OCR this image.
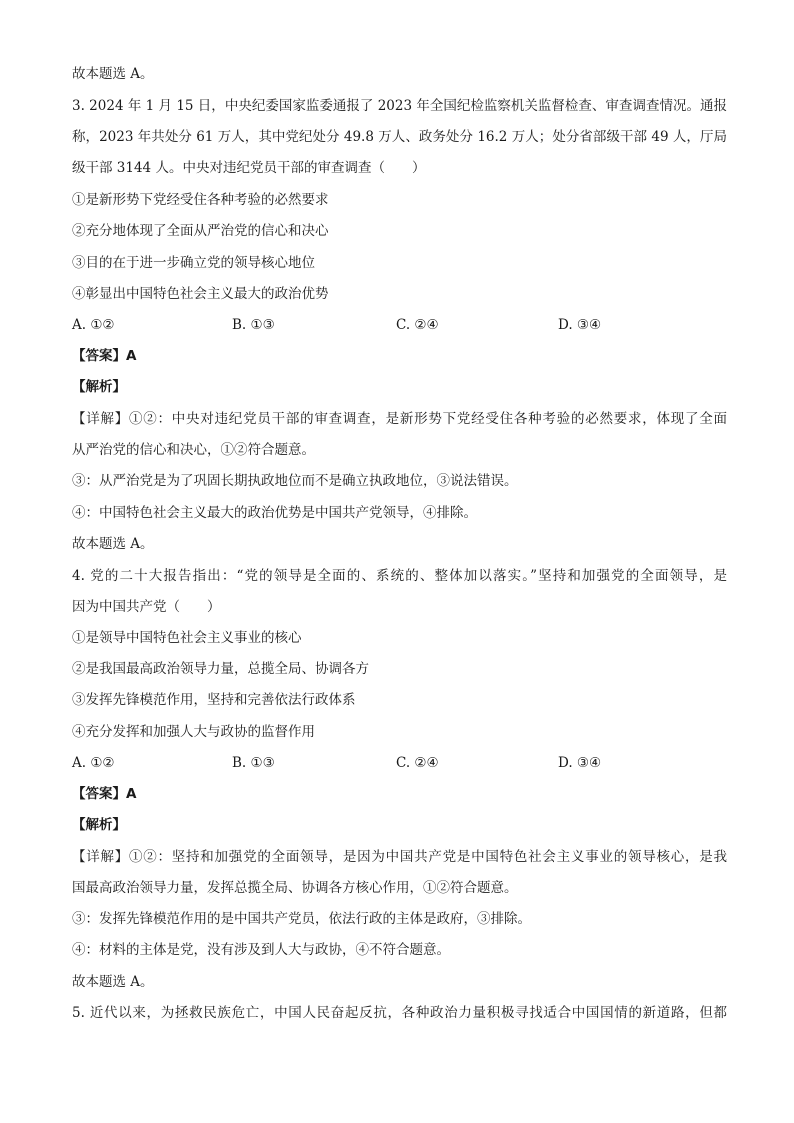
故本题选 A。
3. 2024 年 1 月 15 日，中央纪委国家监委通报了 2023 年全国纪检监察机关监督检查、审查调查情况。通报
称，2023 年共处分 61 万人，其中党纪处分 49.8 万人、政务处分 16.2 万人；处分省部级干部 49 人，厅局
级干部 3144 人。中央对违纪党员干部的审查调查（　　）
①是新形势下党经受住各种考验的必然要求
②充分地体现了全面从严治党的信心和决心
③目的在于进一步确立党的领导核心地位
④彰显出中国特色社会主义最大的政治优势
A. ①②	B. ①③	C. ②④	D. ③④
【答案】A
【解析】
【详解】①②：中央对违纪党员干部的审查调查，是新形势下党经受住各种考验的必然要求，体现了全面
从严治党的信心和决心，①②符合题意。
③：从严治党是为了巩固长期执政地位而不是确立执政地位，③说法错误。
④：中国特色社会主义最大的政治优势是中国共产党领导，④排除。
故本题选 A。
4. 党的二十大报告指出：“党的领导是全面的、系统的、整体加以落实。”坚持和加强党的全面领导，是
因为中国共产党（　　）
①是领导中国特色社会主义事业的核心
②是我国最高政治领导力量，总揽全局、协调各方
③发挥先锋模范作用，坚持和完善依法行政体系
④充分发挥和加强人大与政协的监督作用
A. ①②	B. ①③	C. ②④	D. ③④
【答案】A
【解析】
【详解】①②：坚持和加强党的全面领导，是因为中国共产党是中国特色社会主义事业的领导核心，是我
国最高政治领导力量，发挥总揽全局、协调各方核心作用，①②符合题意。
③：发挥先锋模范作用的是中国共产党员，依法行政的主体是政府，③排除。
④：材料的主体是党，没有涉及到人大与政协，④不符合题意。
故本题选 A。
5. 近代以来，为拯救民族危亡，中国人民奋起反抗，各种政治力量积极寻找适合中国国情的新道路，但都
